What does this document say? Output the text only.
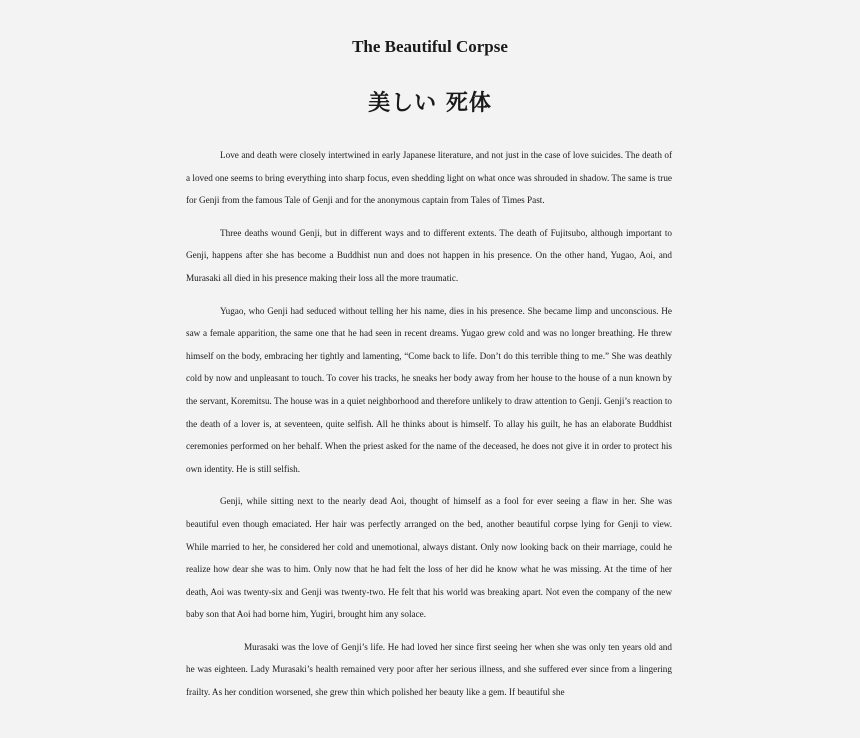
The Beautiful Corpse
美しい 死体

Love and death were closely intertwined in early Japanese literature, and not just in the case of love suicides. The death of a loved one seems to bring everything into sharp focus, even shedding light on what once was shrouded in shadow. The same is true for Genji from the famous Tale of Genji and for the anonymous captain from Tales of Times Past.

Three deaths wound Genji, but in different ways and to different extents. The death of Fujitsubo, although important to Genji, happens after she has become a Buddhist nun and does not happen in his presence. On the other hand, Yugao, Aoi, and Murasaki all died in his presence making their loss all the more traumatic.

Yugao, who Genji had seduced without telling her his name, dies in his presence. She became limp and unconscious. He saw a female apparition, the same one that he had seen in recent dreams. Yugao grew cold and was no longer breathing. He threw himself on the body, embracing her tightly and lamenting, “Come back to life. Don’t do this terrible thing to me.” She was deathly cold by now and unpleasant to touch. To cover his tracks, he sneaks her body away from her house to the house of a nun known by the servant, Koremitsu. The house was in a quiet neighborhood and therefore unlikely to draw attention to Genji. Genji’s reaction to the death of a lover is, at seventeen, quite selfish. All he thinks about is himself. To allay his guilt, he has an elaborate Buddhist ceremonies performed on her behalf. When the priest asked for the name of the deceased, he does not give it in order to protect his own identity. He is still selfish.

Genji, while sitting next to the nearly dead Aoi, thought of himself as a fool for ever seeing a flaw in her. She was beautiful even though emaciated. Her hair was perfectly arranged on the bed, another beautiful corpse lying for Genji to view. While married to her, he considered her cold and unemotional, always distant. Only now looking back on their marriage, could he realize how dear she was to him. Only now that he had felt the loss of her did he know what he was missing. At the time of her death, Aoi was twenty-six and Genji was twenty-two. He felt that his world was breaking apart. Not even the company of the new baby son that Aoi had borne him, Yugiri, brought him any solace.

Murasaki was the love of Genji’s life. He had loved her since first seeing her when she was only ten years old and he was eighteen. Lady Murasaki’s health remained very poor after her serious illness, and she suffered ever since from a lingering frailty. As her condition worsened, she grew thin which polished her beauty like a gem. If beautiful she
